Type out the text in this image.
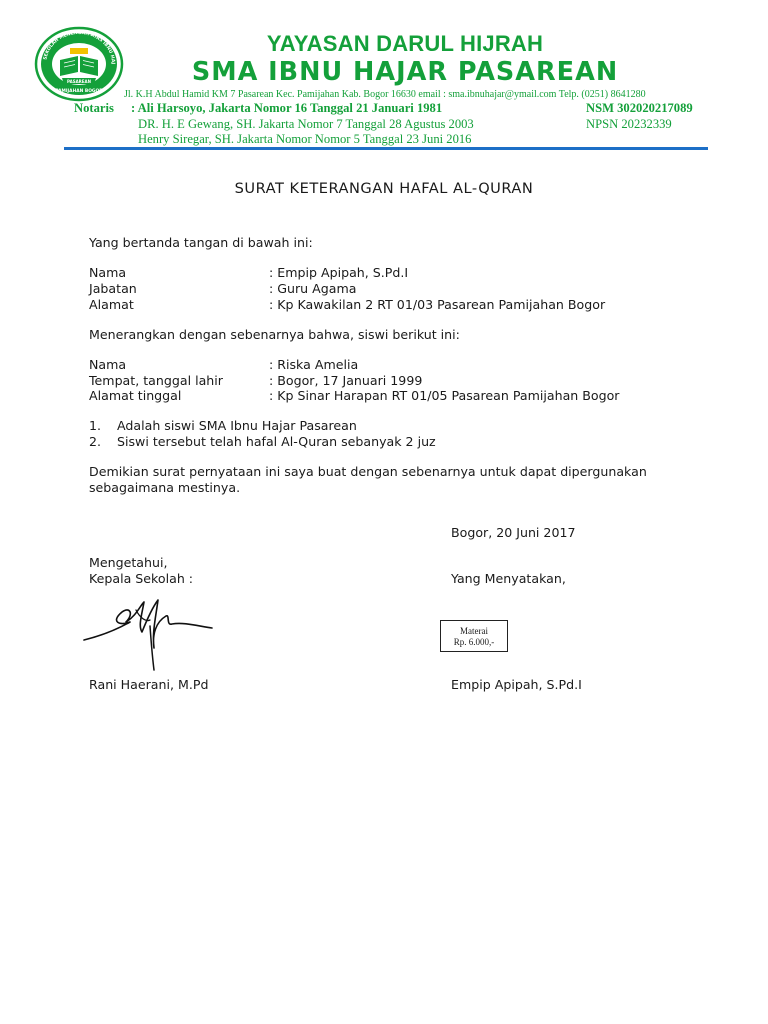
SEKOLAH MENENGAH ATAS IBNU HAJ
PASAREAN
PAMIJAHAN BOGOR
YAYASAN DARUL HIJRAH
SMA IBNU HAJAR PASAREAN
Jl. K.H Abdul Hamid KM 7 Pasarean Kec. Pamijahan Kab. Bogor 16630 email : sma.ibnuhajar@ymail.com Telp. (0251) 8641280
Notaris : Ali Harsoyo, Jakarta Nomor 16 Tanggal 21 Januari 1981
DR. H. E Gewang, SH. Jakarta Nomor 7 Tanggal 28 Agustus 2003
Henry Siregar, SH. Jakarta Nomor Nomor 5 Tanggal 23 Juni 2016
NSM 302020217089
NPSN 20232339
SURAT KETERANGAN HAFAL AL-QURAN
Yang bertanda tangan di bawah ini:
Nama	: Empip Apipah, S.Pd.I
Jabatan	: Guru Agama
Alamat	: Kp Kawakilan 2 RT 01/03 Pasarean Pamijahan Bogor
Menerangkan dengan sebenarnya bahwa, siswi berikut ini:
Nama	: Riska Amelia
Tempat, tanggal lahir	: Bogor, 17 Januari 1999
Alamat tinggal	: Kp Sinar Harapan RT 01/05 Pasarean Pamijahan Bogor
1. Adalah siswi SMA Ibnu Hajar Pasarean
2. Siswi tersebut telah hafal Al-Quran sebanyak 2 juz
Demikian surat pernyataan ini saya buat dengan sebenarnya untuk dapat dipergunakan
sebagaimana mestinya.
Bogor, 20 Juni 2017
Mengetahui,
Kepala Sekolah :	Yang Menyatakan,
Materai
Rp. 6.000,-
Rani Haerani, M.Pd	Empip Apipah, S.Pd.I
